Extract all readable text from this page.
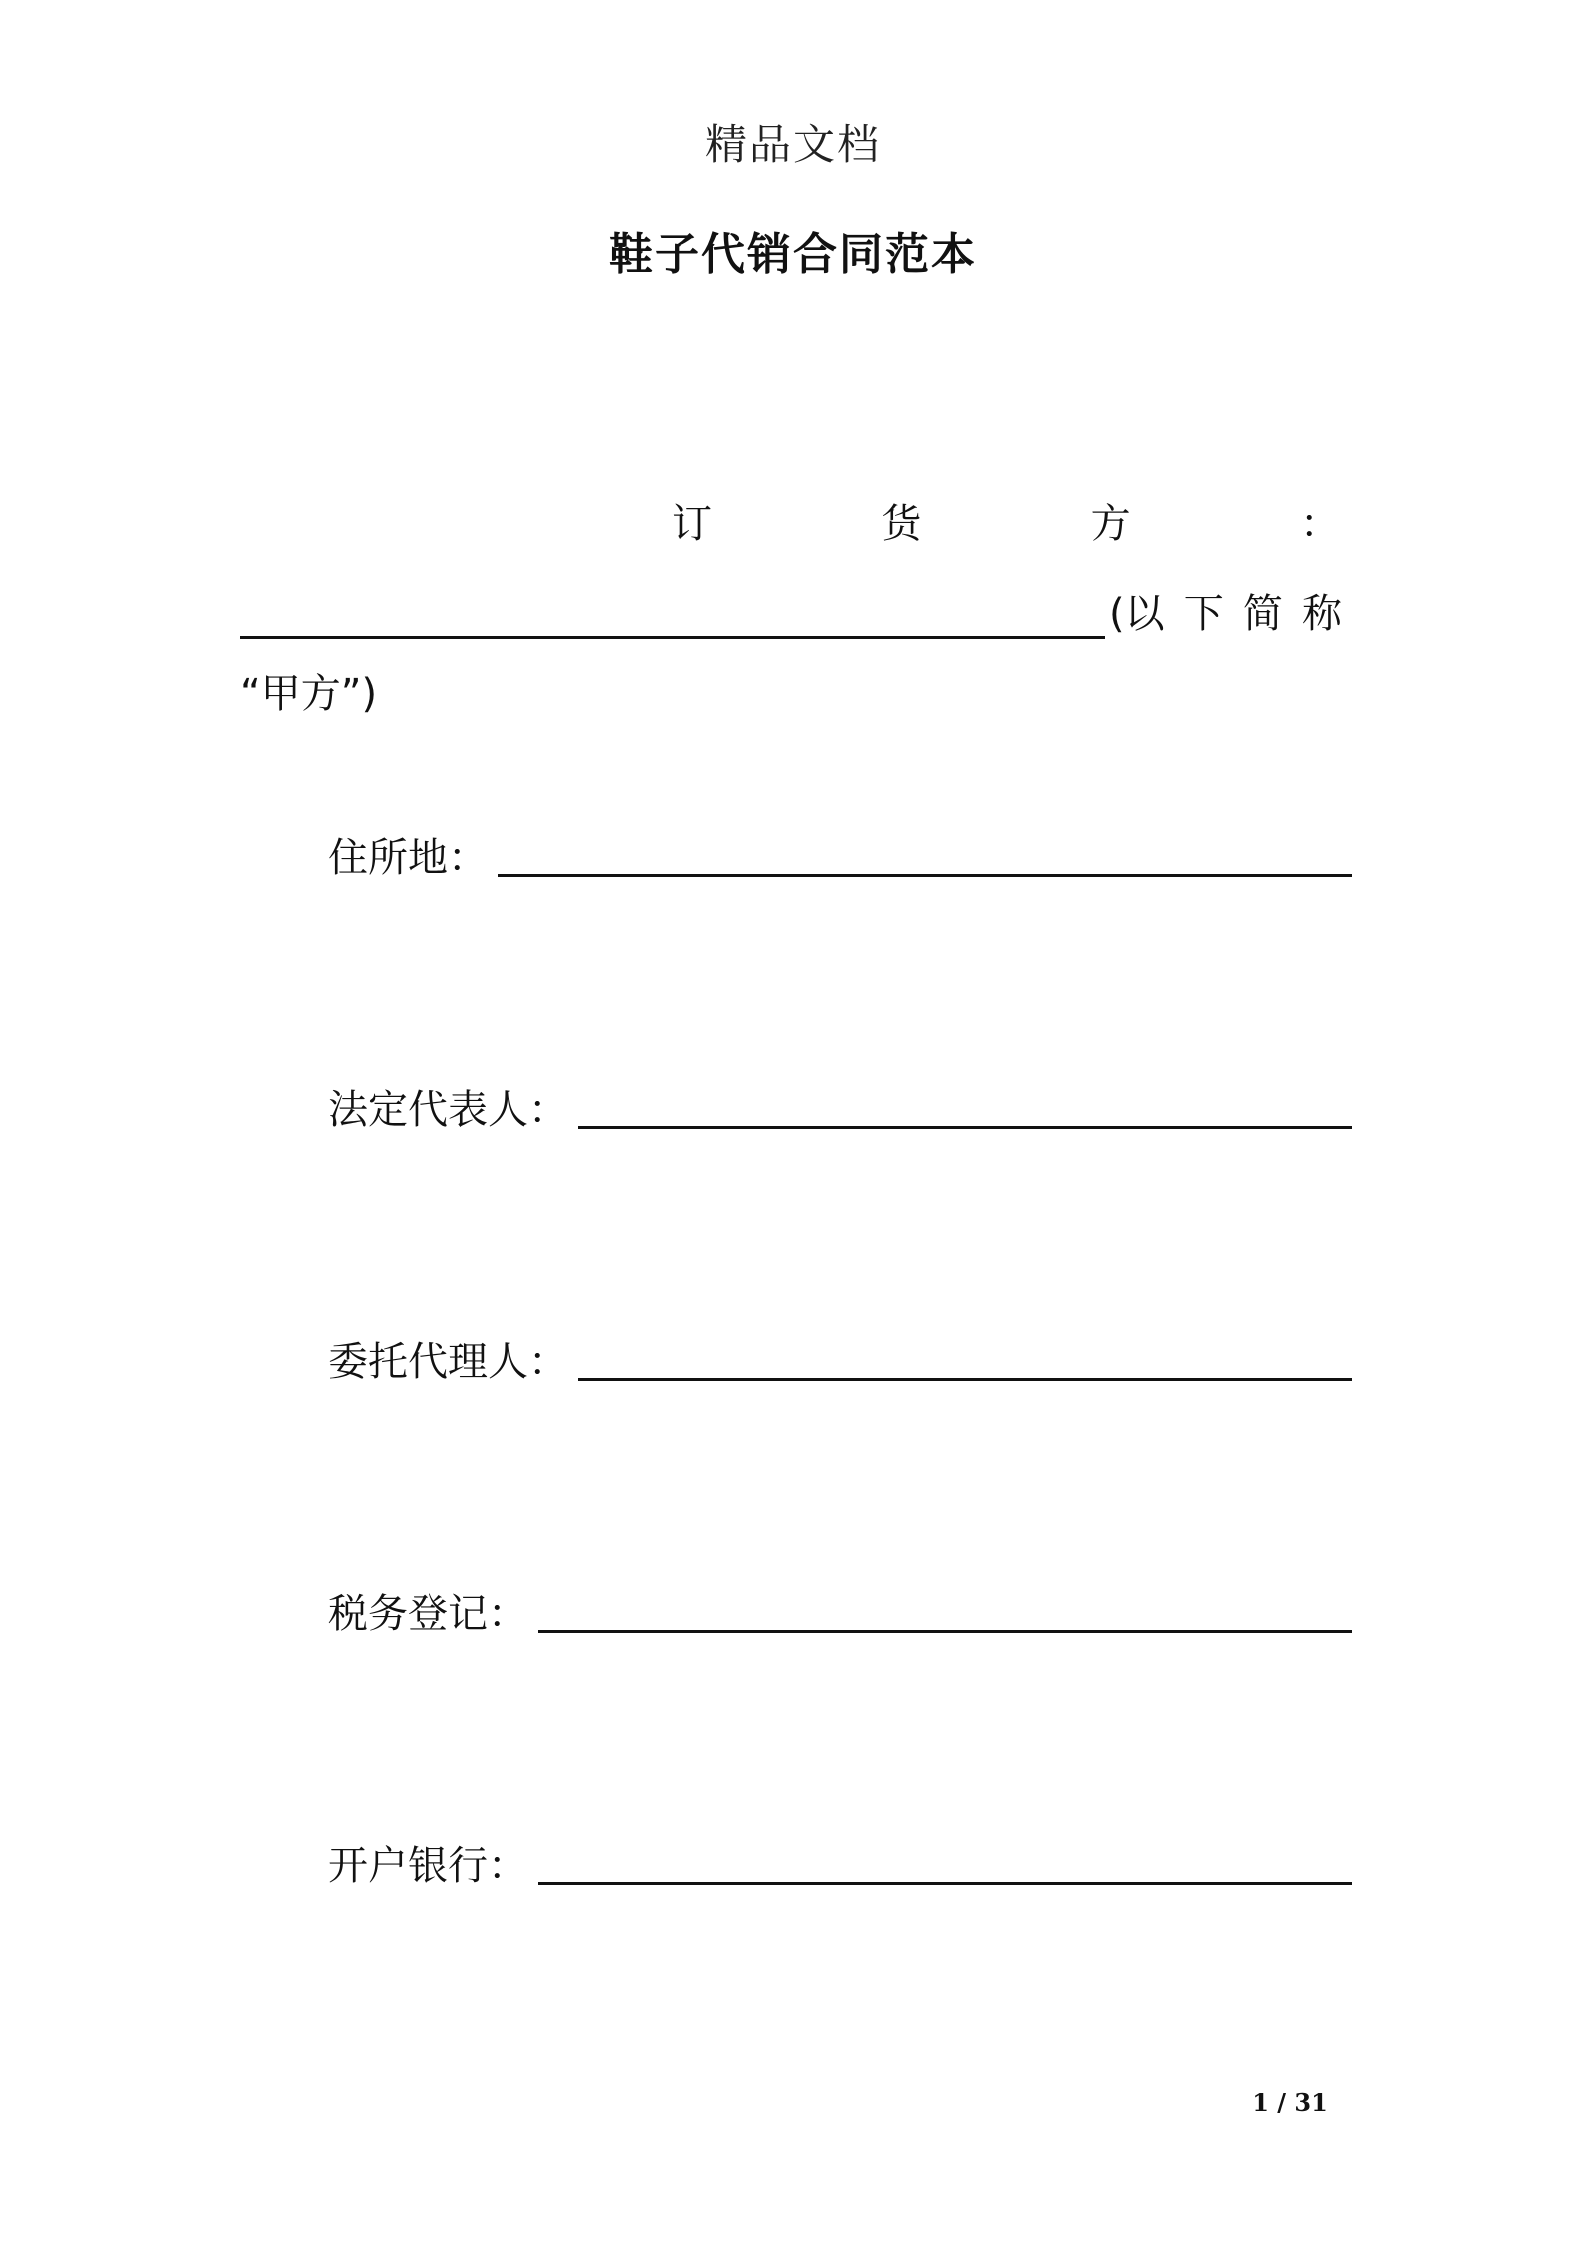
精品文档
鞋子代销合同范本
订	货	方	：
(以 下 简 称
“甲方”)
住所地：
法定代表人：
委托代理人：
税务登记：
开户银行：
1 / 31
